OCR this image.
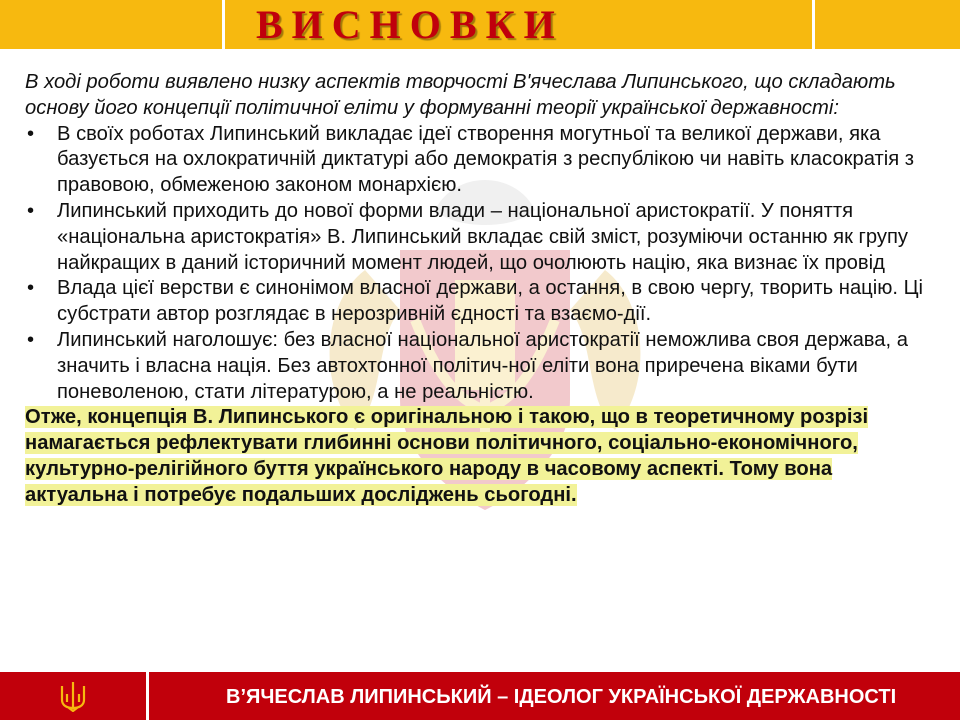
ВИСНОВКИ

В ході роботи виявлено низку аспектів творчості В'ячеслава Липинського, що складають основу його концепції політичної еліти у формуванні теорії української державності:

• В своїх роботах Липинський викладає ідеї створення могутньої та великої держави, яка базується на охлократичній диктатурі або демократія з республікою чи навіть класократія з правовою, обмеженою законом монархією.
• Липинський приходить до нової форми влади – національної аристократії. У поняття «національна аристократія» В. Липинський вкладає свій зміст, розуміючи останню як групу найкращих в даний історичний момент людей, що очолюють націю, яка визнає їх провід
• Влада цієї верстви є синонімом власної держави, а остання, в свою чергу, творить націю. Ці субстрати автор розглядає в нерозривній єдності та взаємо-дії.
• Липинський наголошує: без власної національної аристократії неможлива своя держава, а значить і власна нація. Без автохтонної політич-ної еліти вона приречена віками бути поневоленою, стати літературою, а не реальністю.

Отже, концепція В. Липинського є оригінальною і такою, що в теоретичному розрізі намагається рефлектувати глибинні основи політичного, соціально-економічного, культурно-релігійного буття українського народу в часовому аспекті. Тому вона актуальна і потребує подальших досліджень сьогодні.

В’ЯЧЕСЛАВ ЛИПИНСЬКИЙ – ІДЕОЛОГ УКРАЇНСЬКОЇ ДЕРЖАВНОСТІ
